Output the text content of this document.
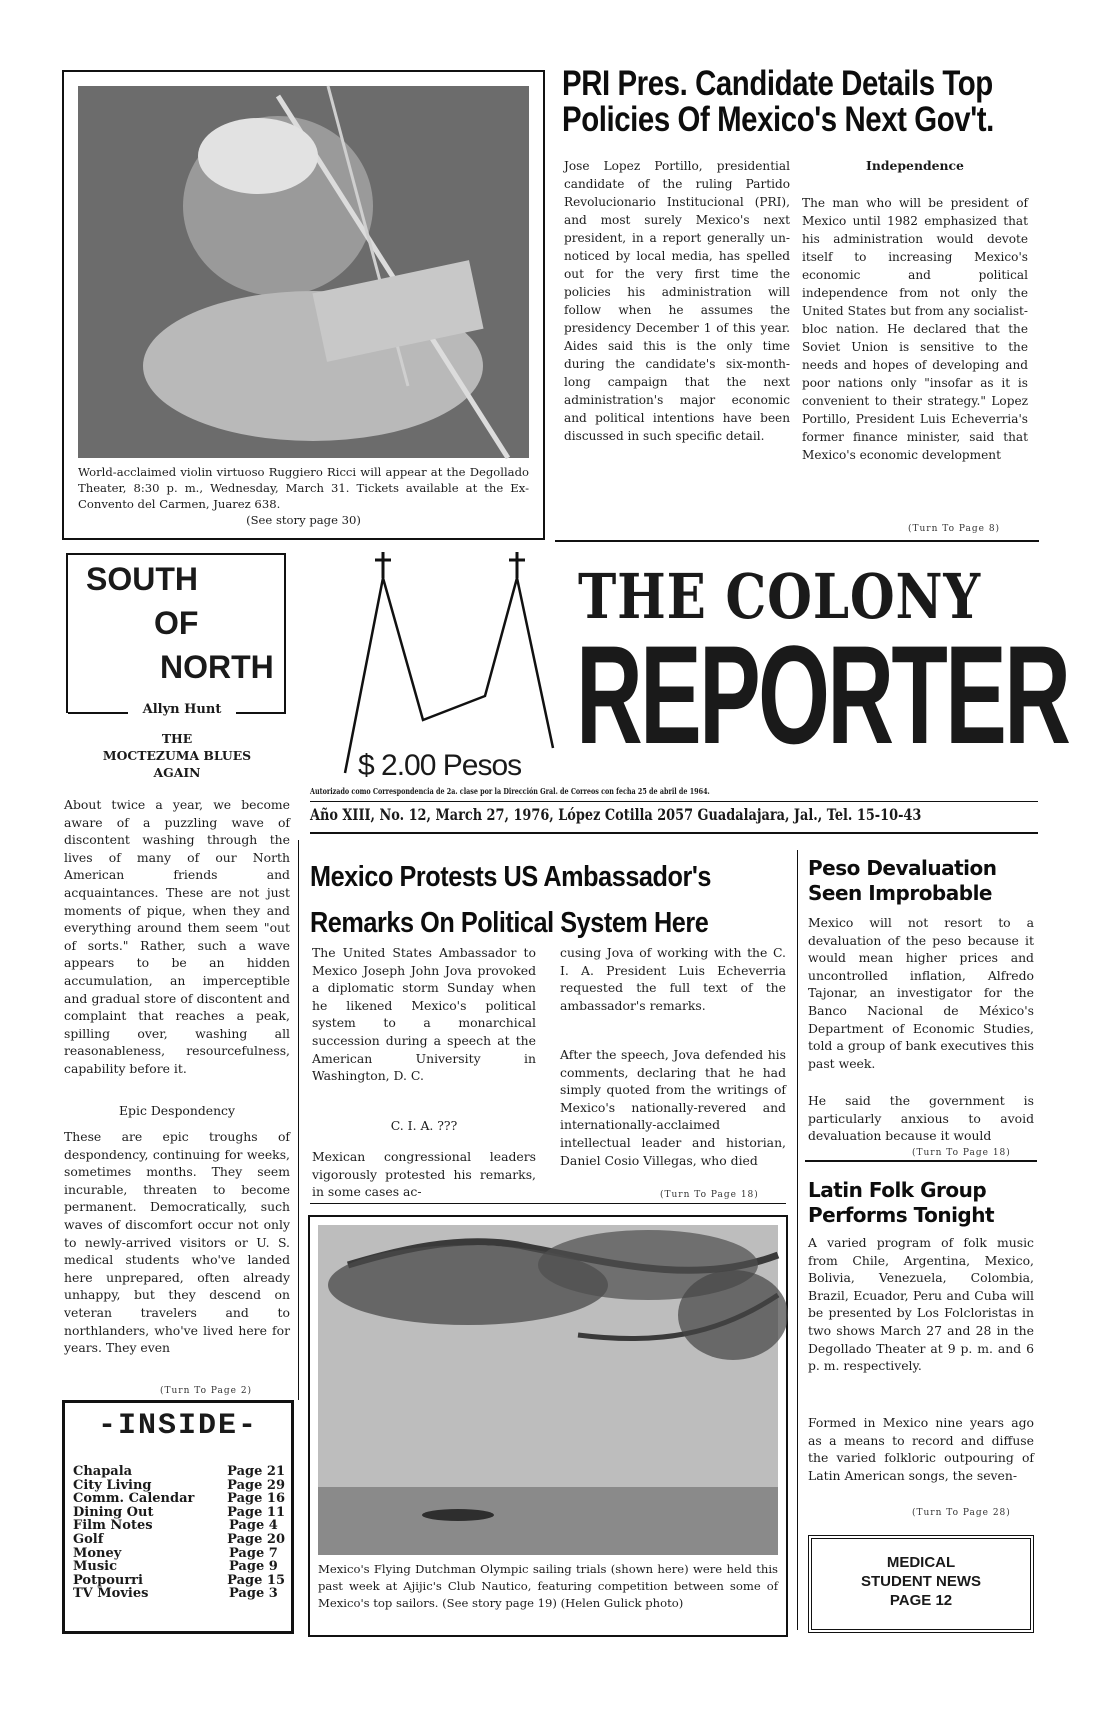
World-acclaimed violin virtuoso Ruggiero Ricci will appear at the Degollado Theater, 8:30 p. m., Wednesday, March 31. Tickets available at the Ex-Convento del Carmen, Juarez 638.
(See story page 30)
PRI Pres. Candidate Details Top
Policies Of Mexico's Next Gov't.
Jose Lopez Portillo, presidential candidate of the ruling Partido Revolucionario Institucional (PRI), and most surely Mexico's next president, in a report generally un-noticed by local media, has spelled out for the very first time the policies his administration will follow when he assumes the presidency December 1 of this year. Aides said this is the only time during the candidate's six-month-long campaign that the next administration's major economic and political intentions have been discussed in such specific detail.
Independence
The man who will be president of Mexico until 1982 emphasized that his administration would devote itself to increasing Mexico's economic and political independence from not only the United States but from any socialist-bloc nation. He declared that the Soviet Union is sensitive to the needs and hopes of developing and poor nations only "insofar as it is convenient to their strategy." Lopez Portillo, President Luis Echeverria's former finance minister, said that Mexico's economic development
(Turn To Page 8)
SOUTH
OF
NORTH
Allyn Hunt
THE
MOCTEZUMA BLUES
AGAIN
About twice a year, we become aware of a puzzling wave of discontent washing through the lives of many of our North American friends and acquaintances. These are not just moments of pique, when they and everything around them seem "out of sorts." Rather, such a wave appears to be an hidden accumulation, an imperceptible and gradual store of discontent and complaint that reaches a peak, spilling over, washing all reasonableness, resourcefulness, capability before it.
Epic Despondency
These are epic troughs of despondency, continuing for weeks, sometimes months. They seem incurable, threaten to become permanent. Democratically, such waves of discomfort occur not only to newly-arrived visitors or U. S. medical students who've landed here unprepared, often already unhappy, but they descend on veteran travelers and to northlanders, who've lived here for years. They even
(Turn To Page 2)
-INSIDE-
Chapala	Page 21
City Living	Page 29
Comm. Calendar	Page 16
Dining Out	Page 11
Film Notes	Page 4
Golf	Page 20
Money	Page 7
Music	Page 9
Potpourri	Page 15
TV Movies	Page 3
$ 2.00 Pesos
THE COLONY
REPORTER
Autorizado como Correspondencia de 2a. clase por la Dirección Gral. de Correos con fecha 25 de abril de 1964.
Año XIII, No. 12, March 27, 1976, López Cotilla 2057 Guadalajara, Jal., Tel. 15-10-43
Mexico Protests US Ambassador's
Remarks On Political System Here
The United States Ambassador to Mexico Joseph John Jova provoked a diplomatic storm Sunday when he likened Mexico's political system to a monarchical succession during a speech at the American University in Washington, D. C.
C. I. A. ???
Mexican congressional leaders vigorously protested his remarks, in some cases ac-
cusing Jova of working with the C. I. A. President Luis Echeverria requested the full text of the ambassador's remarks.
After the speech, Jova defended his comments, declaring that he had simply quoted from the writings of Mexico's nationally-revered and internationally-acclaimed intellectual leader and historian, Daniel Cosio Villegas, who died
(Turn To Page 18)
Mexico's Flying Dutchman Olympic sailing trials (shown here) were held this past week at Ajijic's Club Nautico, featuring competition between some of Mexico's top sailors. (See story page 19) (Helen Gulick photo)
Peso Devaluation
Seen Improbable
Mexico will not resort to a devaluation of the peso because it would mean higher prices and uncontrolled inflation, Alfredo Tajonar, an investigator for the Banco Nacional de México's Department of Economic Studies, told a group of bank executives this past week.
He said the government is particularly anxious to avoid devaluation because it would
(Turn To Page 18)
Latin Folk Group
Performs Tonight
A varied program of folk music from Chile, Argentina, Mexico, Bolivia, Venezuela, Colombia, Brazil, Ecuador, Peru and Cuba will be presented by Los Folcloristas in two shows March 27 and 28 in the Degollado Theater at 9 p. m. and 6 p. m. respectively.
Formed in Mexico nine years ago as a means to record and diffuse the varied folkloric outpouring of Latin American songs, the seven-
(Turn To Page 28)
MEDICAL
STUDENT NEWS
PAGE 12
